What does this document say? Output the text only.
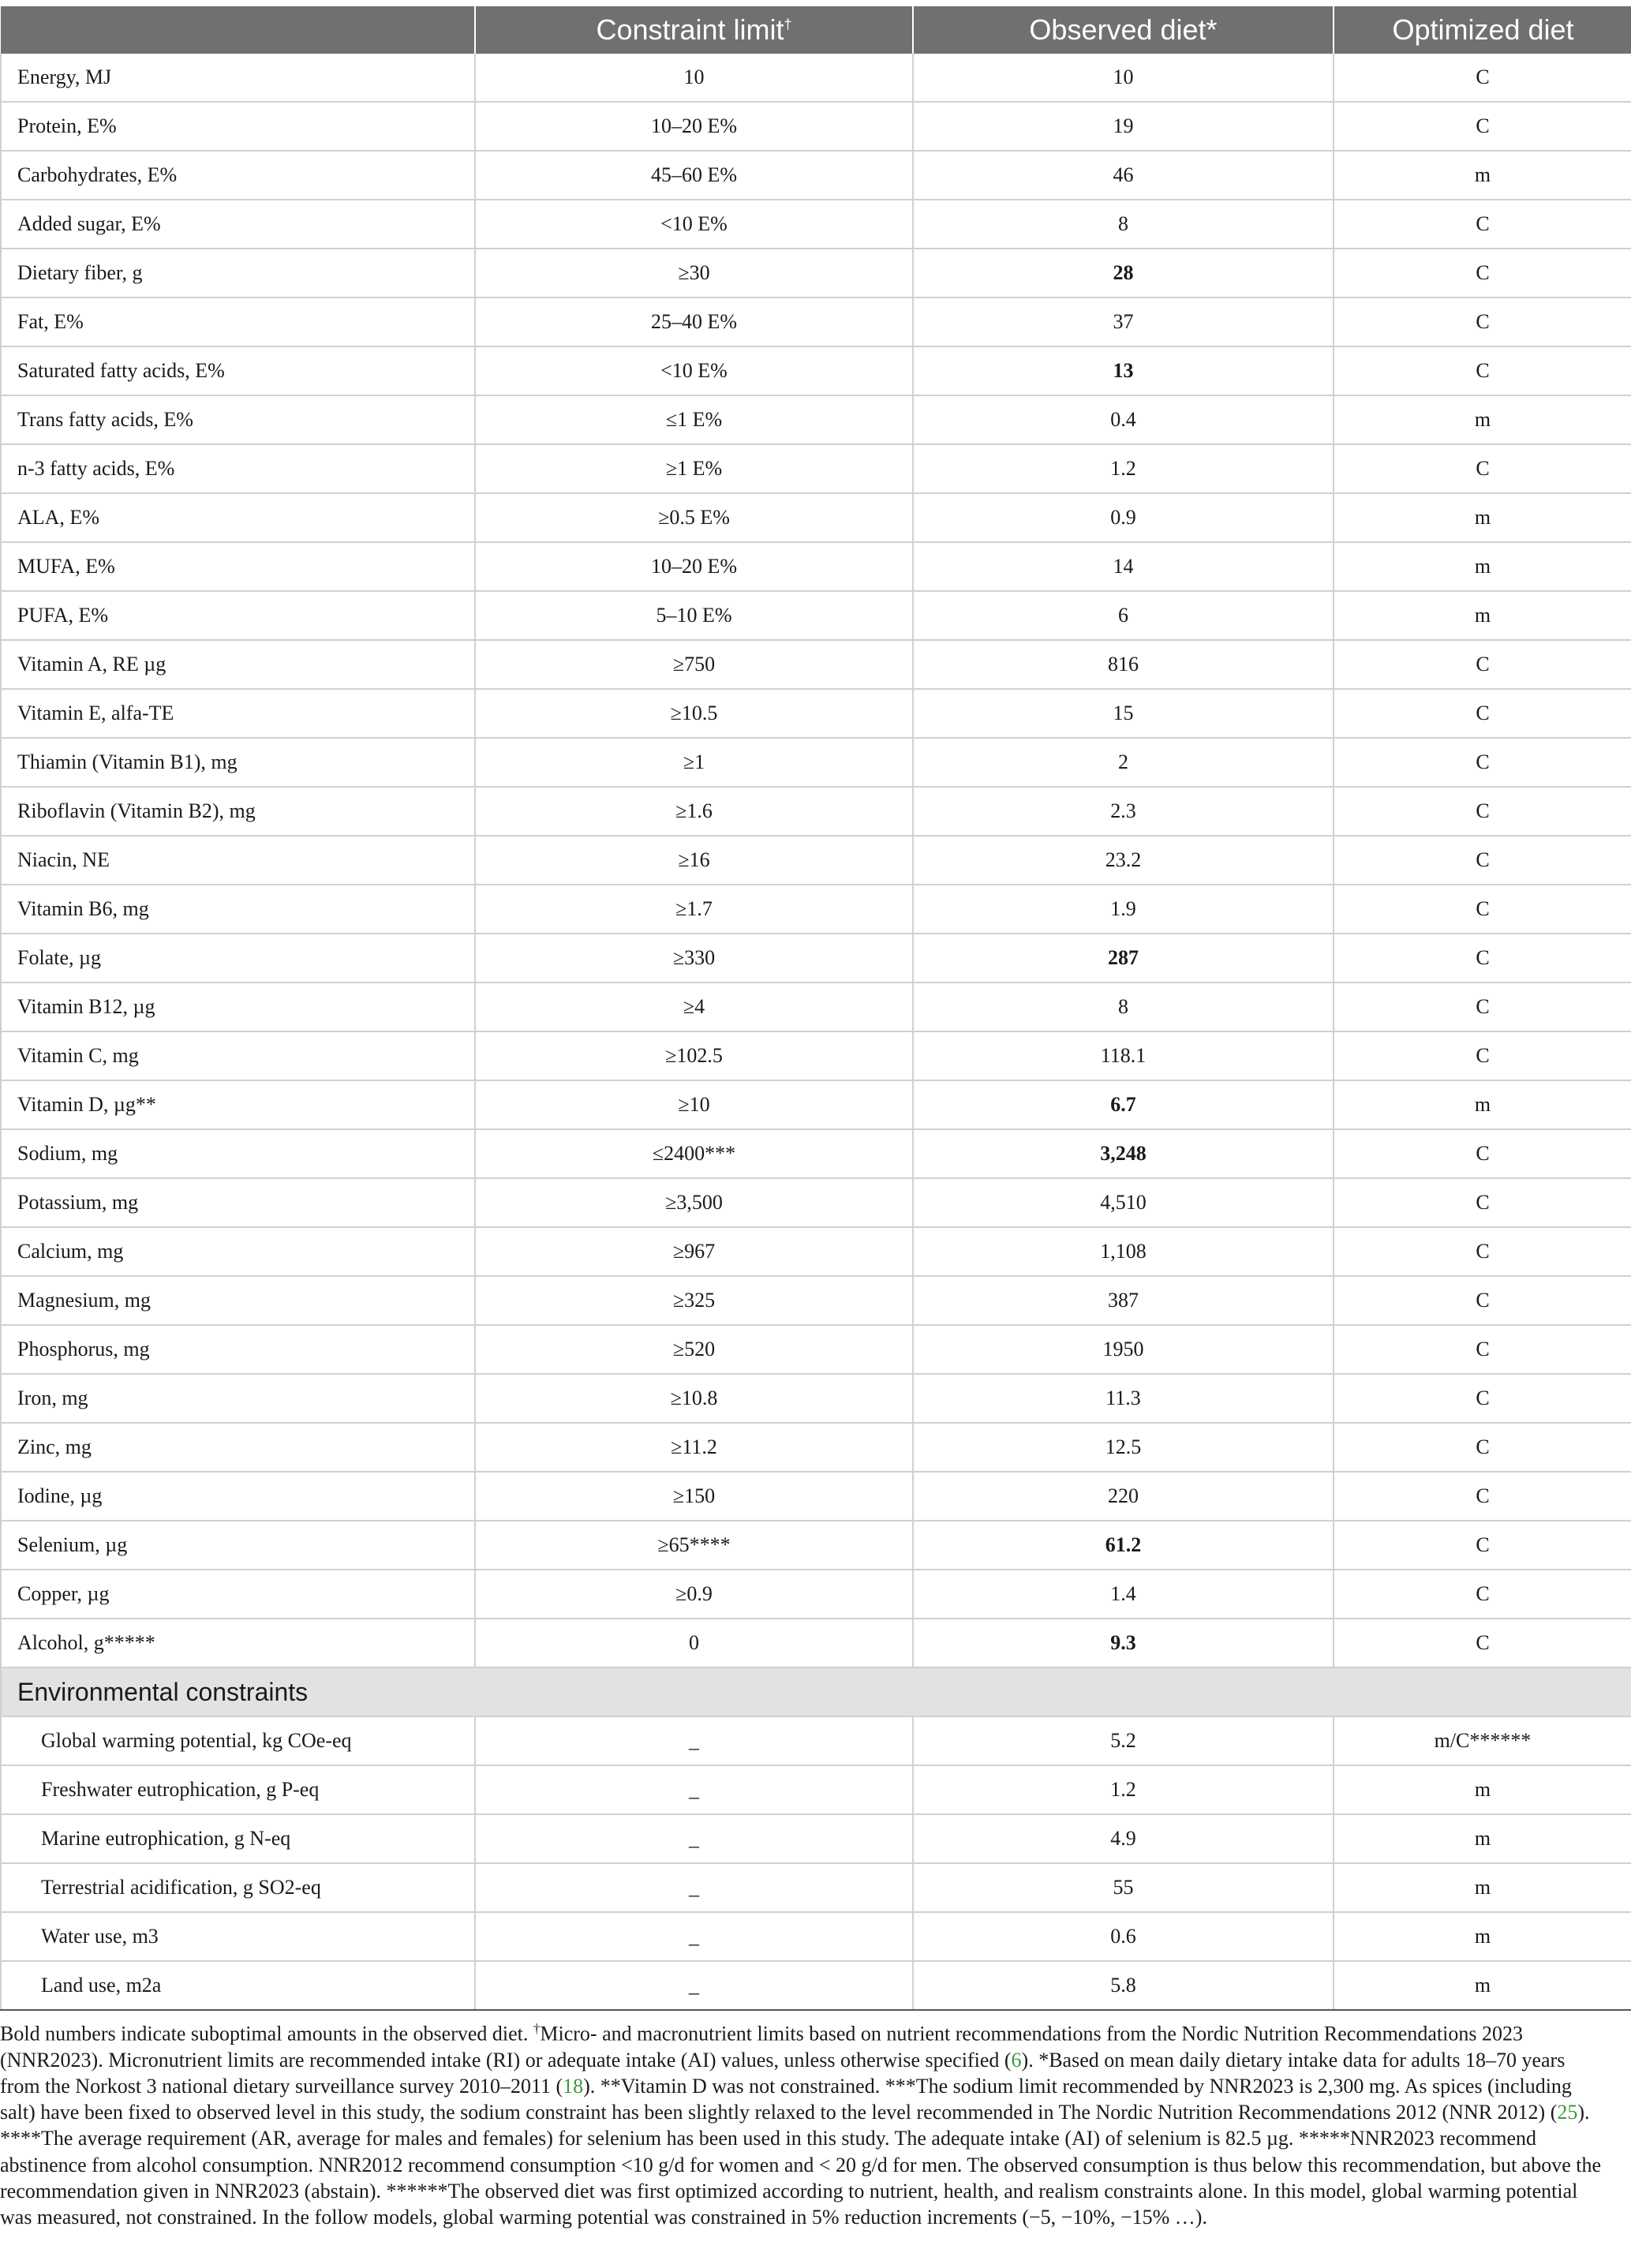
	Constraint limit†	Observed diet*	Optimized diet
Energy, MJ	10	10	C
Protein, E%	10–20 E%	19	C
Carbohydrates, E%	45–60 E%	46	m
Added sugar, E%	<10 E%	8	C
Dietary fiber, g	≥30	28	C
Fat, E%	25–40 E%	37	C
Saturated fatty acids, E%	<10 E%	13	C
Trans fatty acids, E%	≤1 E%	0.4	m
n-3 fatty acids, E%	≥1 E%	1.2	C
ALA, E%	≥0.5 E%	0.9	m
MUFA, E%	10–20 E%	14	m
PUFA, E%	5–10 E%	6	m
Vitamin A, RE µg	≥750	816	C
Vitamin E, alfa-TE	≥10.5	15	C
Thiamin (Vitamin B1), mg	≥1	2	C
Riboflavin (Vitamin B2), mg	≥1.6	2.3	C
Niacin, NE	≥16	23.2	C
Vitamin B6, mg	≥1.7	1.9	C
Folate, µg	≥330	287	C
Vitamin B12, µg	≥4	8	C
Vitamin C, mg	≥102.5	118.1	C
Vitamin D, µg**	≥10	6.7	m
Sodium, mg	≤2400***	3,248	C
Potassium, mg	≥3,500	4,510	C
Calcium, mg	≥967	1,108	C
Magnesium, mg	≥325	387	C
Phosphorus, mg	≥520	1950	C
Iron, mg	≥10.8	11.3	C
Zinc, mg	≥11.2	12.5	C
Iodine, µg	≥150	220	C
Selenium, µg	≥65****	61.2	C
Copper, µg	≥0.9	1.4	C
Alcohol, g*****	0	9.3	C
Environmental constraints			
Global warming potential, kg COe-eq	_	5.2	m/C******
Freshwater eutrophication, g P-eq	_	1.2	m
Marine eutrophication, g N-eq	_	4.9	m
Terrestrial acidification, g SO2-eq	_	55	m
Water use, m3	_	0.6	m
Land use, m2a	_	5.8	m

Bold numbers indicate suboptimal amounts in the observed diet. †Micro- and macronutrient limits based on nutrient recommendations from the Nordic Nutrition Recommendations 2023 (NNR2023). Micronutrient limits are recommended intake (RI) or adequate intake (AI) values, unless otherwise specified (6). *Based on mean daily dietary intake data for adults 18–70 years from the Norkost 3 national dietary surveillance survey 2010–2011 (18). **Vitamin D was not constrained. ***The sodium limit recommended by NNR2023 is 2,300 mg. As spices (including salt) have been fixed to observed level in this study, the sodium constraint has been slightly relaxed to the level recommended in The Nordic Nutrition Recommendations 2012 (NNR 2012) (25). ****The average requirement (AR, average for males and females) for selenium has been used in this study. The adequate intake (AI) of selenium is 82.5 µg. *****NNR2023 recommend abstinence from alcohol consumption. NNR2012 recommend consumption <10 g/d for women and < 20 g/d for men. The observed consumption is thus below this recommendation, but above the recommendation given in NNR2023 (abstain). ******The observed diet was first optimized according to nutrient, health, and realism constraints alone. In this model, global warming potential was measured, not constrained. In the follow models, global warming potential was constrained in 5% reduction increments (−5, −10%, −15% …).
